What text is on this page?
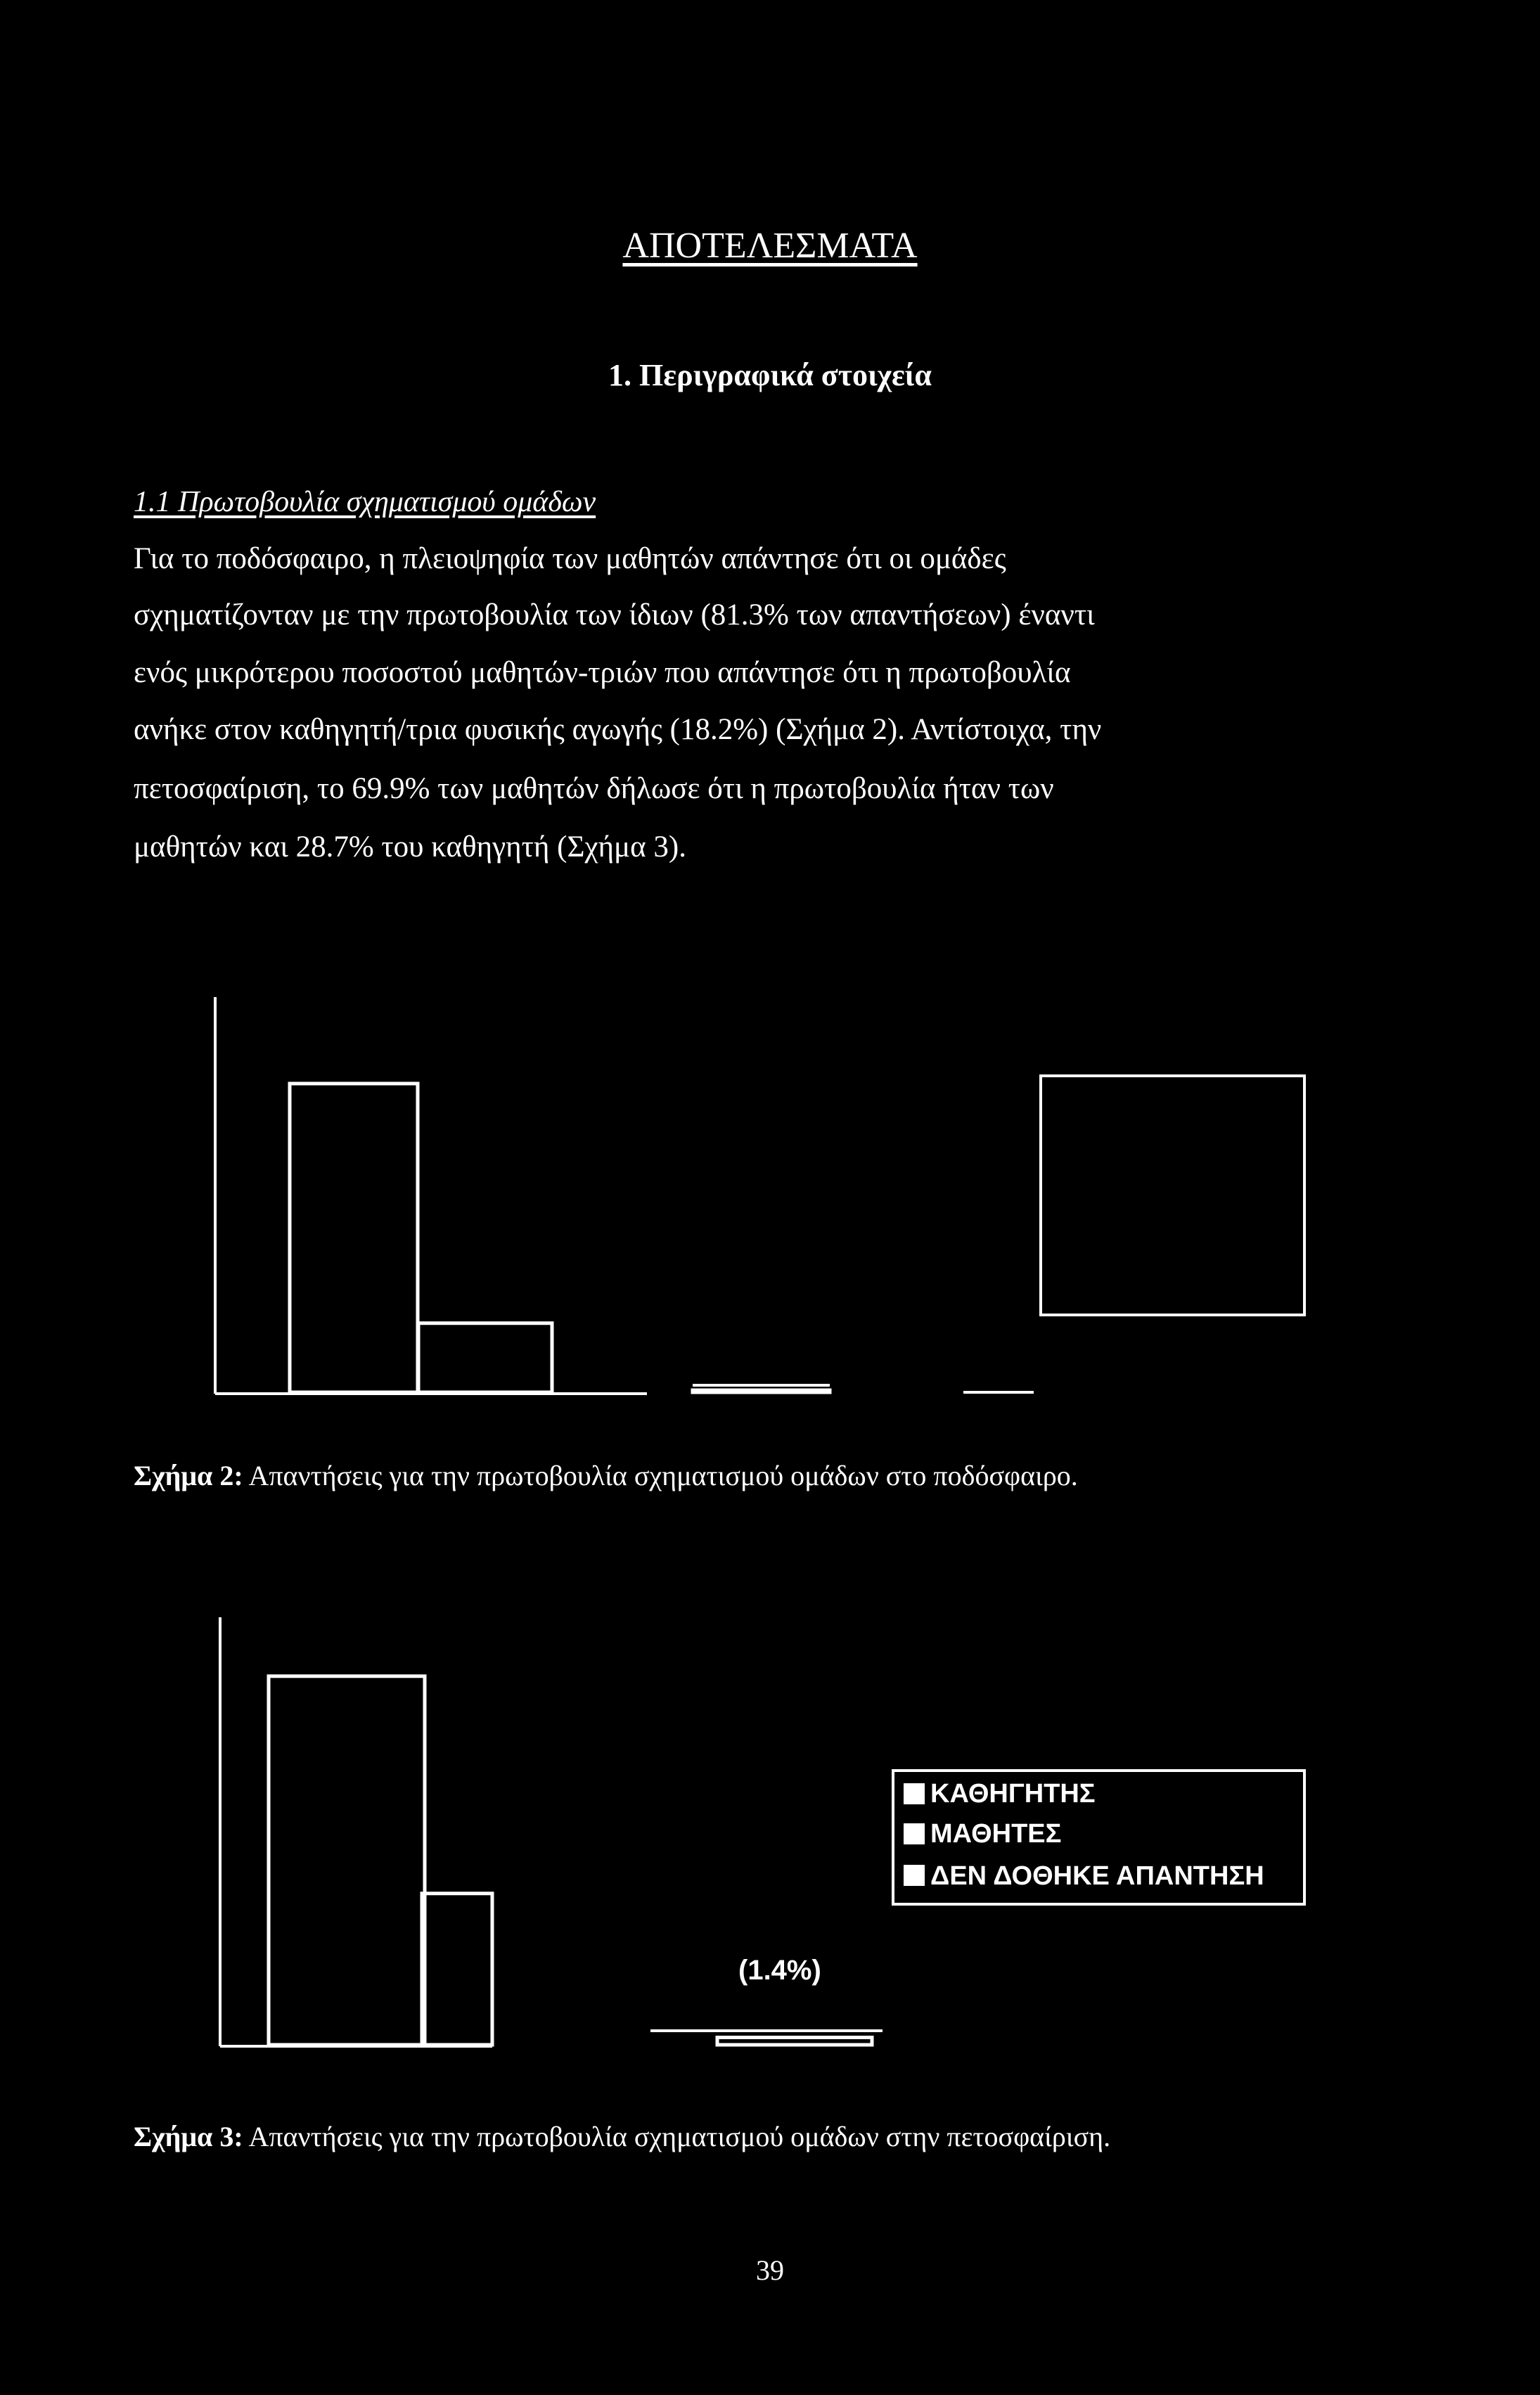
ΑΠΟΤΕΛΕΣΜΑΤΑ
1. Περιγραφικά στοιχεία
1.1 Πρωτοβουλία σχηματισμού ομάδων
Για το ποδόσφαιρο, η πλειοψηφία των μαθητών απάντησε ότι οι ομάδες
σχηματίζονταν με την πρωτοβουλία των ίδιων (81.3% των απαντήσεων) έναντι
ενός μικρότερου ποσοστού μαθητών-τριών που απάντησε ότι η πρωτοβουλία
ανήκε στον καθηγητή/τρια φυσικής αγωγής (18.2%) (Σχήμα 2). Αντίστοιχα, την
πετοσφαίριση, το 69.9% των μαθητών δήλωσε ότι η πρωτοβουλία ήταν των
μαθητών και 28.7% του καθηγητή (Σχήμα 3).
Σχήμα 2: Απαντήσεις για την πρωτοβουλία σχηματισμού ομάδων στο ποδόσφαιρο.
(1.4%)
ΚΑΘΗΓΗΤΗΣ
ΜΑΘΗΤΕΣ
ΔΕΝ ΔΟΘΗΚΕ ΑΠΑΝΤΗΣΗ
Σχήμα 3: Απαντήσεις για την πρωτοβουλία σχηματισμού ομάδων στην πετοσφαίριση.
39
